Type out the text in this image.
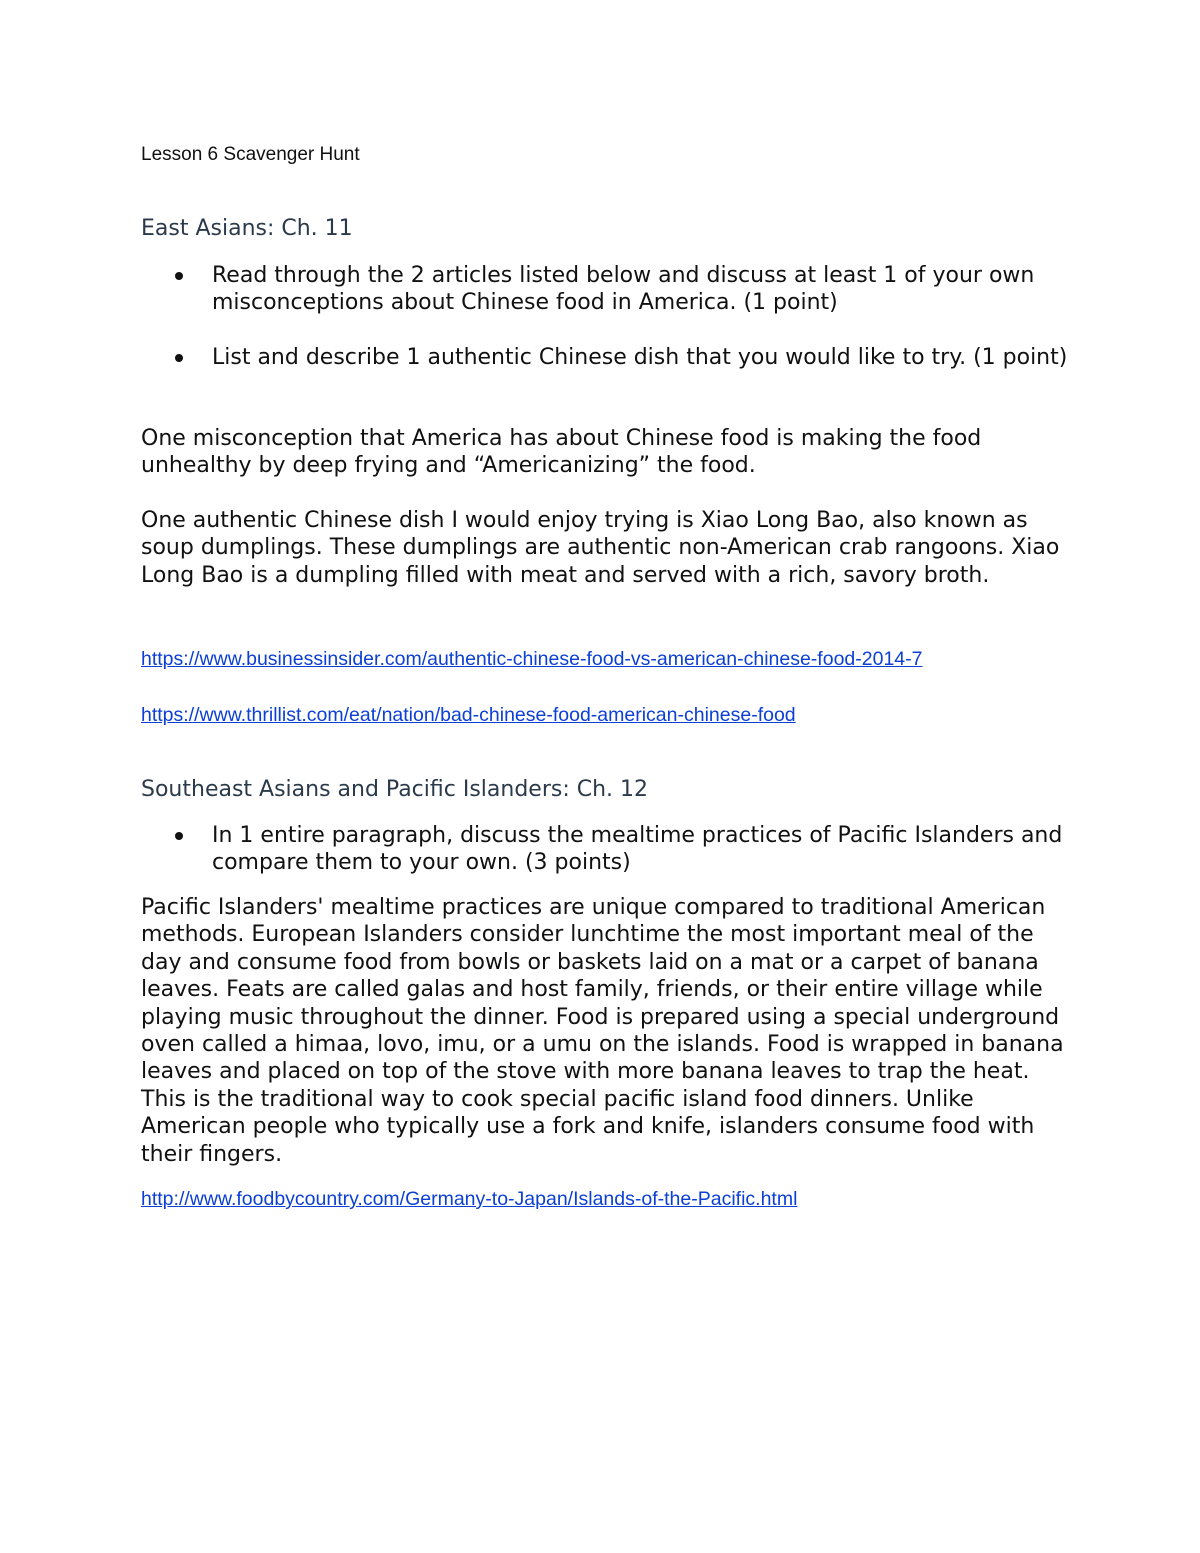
Lesson 6 Scavenger Hunt
East Asians: Ch. 11
Read through the 2 articles listed below and discuss at least 1 of your own misconceptions about Chinese food in America. (1 point)
List and describe 1 authentic Chinese dish that you would like to try. (1 point)

One misconception that America has about Chinese food is making the food unhealthy by deep frying and “Americanizing” the food.

One authentic Chinese dish I would enjoy trying is Xiao Long Bao, also known as soup dumplings. These dumplings are authentic non-American crab rangoons. Xiao Long Bao is a dumpling filled with meat and served with a rich, savory broth.

https://www.businessinsider.com/authentic-chinese-food-vs-american-chinese-food-2014-7
https://www.thrillist.com/eat/nation/bad-chinese-food-american-chinese-food
Southeast Asians and Pacific Islanders: Ch. 12
In 1 entire paragraph, discuss the mealtime practices of Pacific Islanders and compare them to your own. (3 points)

Pacific Islanders' mealtime practices are unique compared to traditional American methods. European Islanders consider lunchtime the most important meal of the day and consume food from bowls or baskets laid on a mat or a carpet of banana leaves. Feats are called galas and host family, friends, or their entire village while playing music throughout the dinner. Food is prepared using a special underground oven called a himaa, lovo, imu, or a umu on the islands. Food is wrapped in banana leaves and placed on top of the stove with more banana leaves to trap the heat. This is the traditional way to cook special pacific island food dinners. Unlike American people who typically use a fork and knife, islanders consume food with their fingers.

http://www.foodbycountry.com/Germany-to-Japan/Islands-of-the-Pacific.html
